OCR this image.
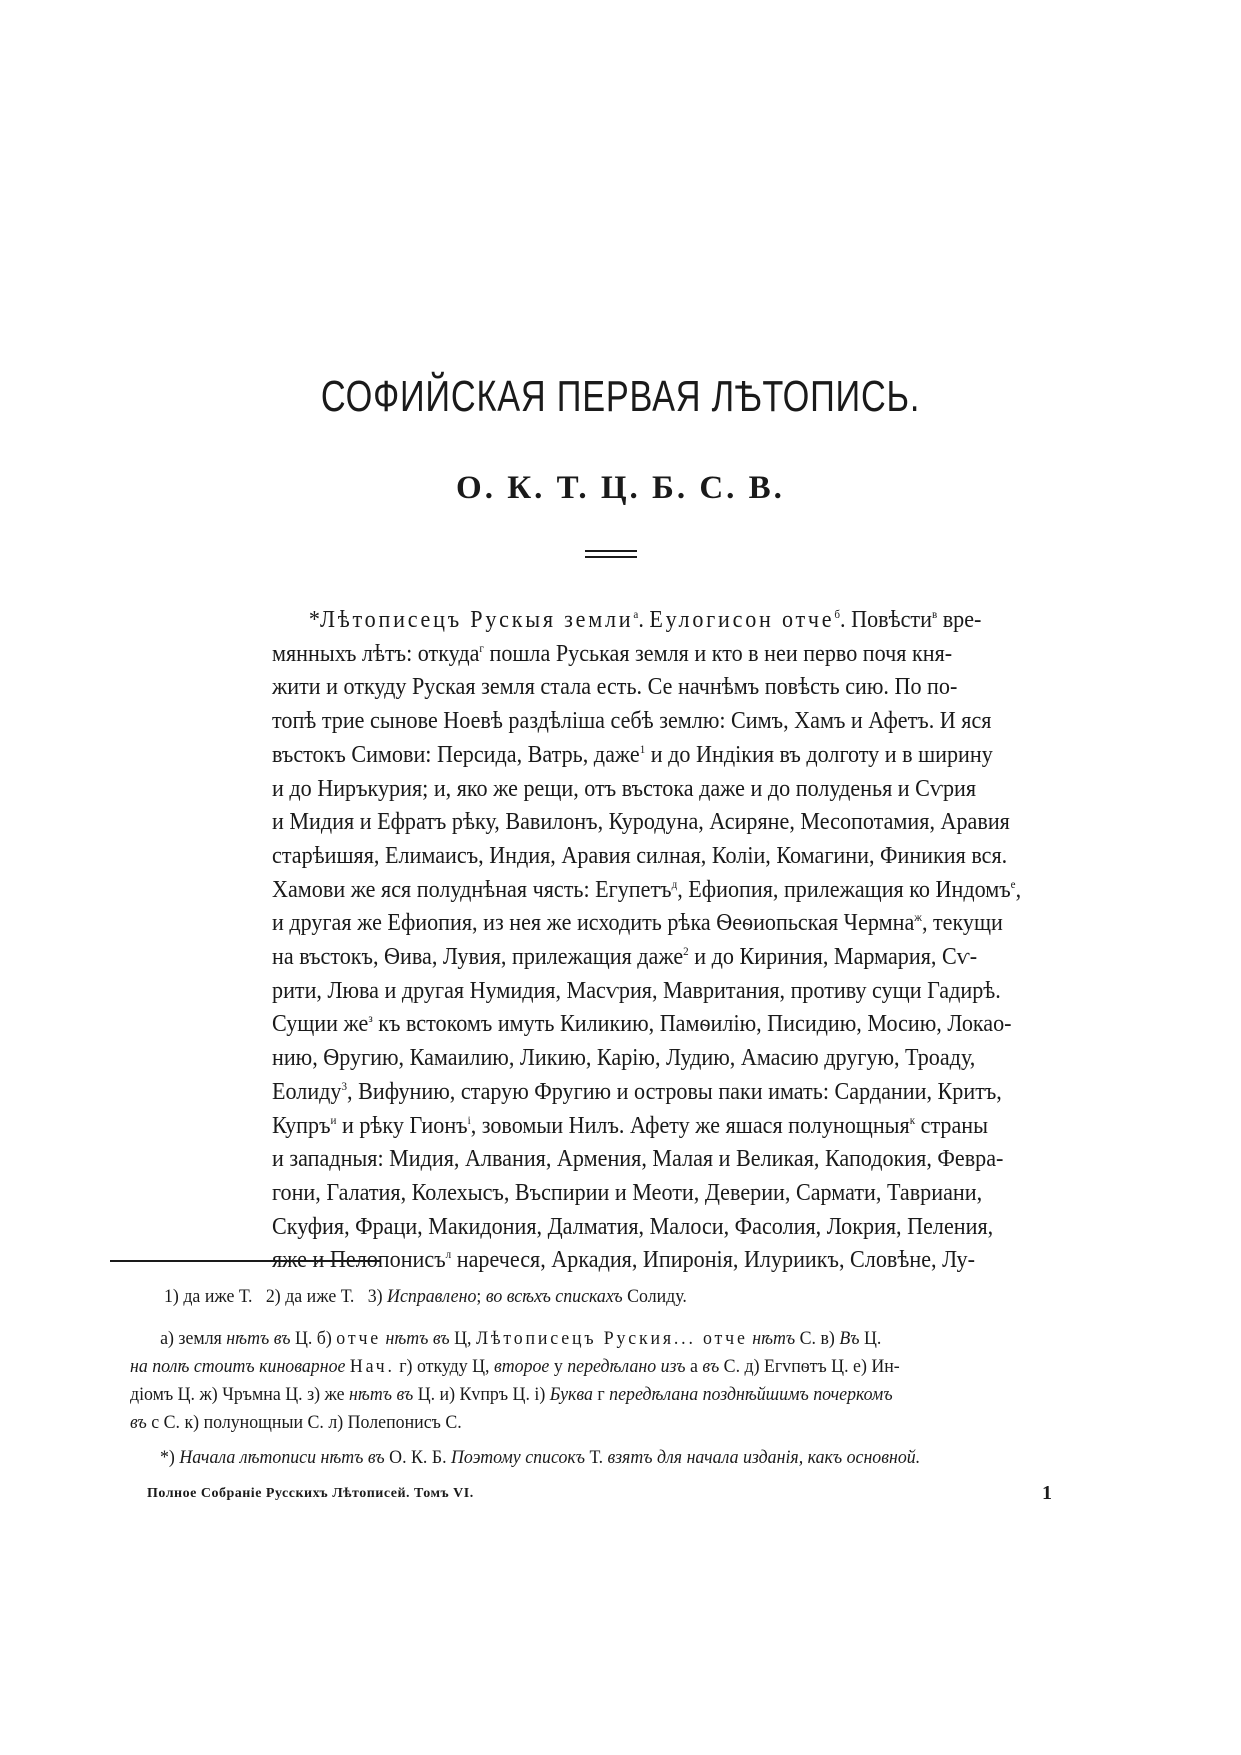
СОФИЙСКАЯ ПЕРВАЯ ЛѢТОПИСЬ.
О. К. Т. Ц. Б. С. В.
*Лѣтописецъ Рускыя земли$^а$. Еулогисон отче$^б$. Повѣсти$^в$ вре-
мянныхъ лѣтъ: откуда$^г$ пошла Руськая земля и кто в неи перво почя кня-
жити и откуду Руская земля стала есть. Се начнѣмъ повѣсть сию. По по-
топѣ трие сынове Ноевѣ раздѣлiша себѣ землю: Симъ, Хамъ и Афетъ. И яся
въстокъ Симови: Персида, Ватрь, даже$^1$ и до Индiкия въ долготу и в ширину
и до Ниръкурия; и, яко же рещи, отъ въстока даже и до полуденья и Сѵрия
и Мидия и Ефратъ рѣку, Вавилонъ, Куродуна, Асиряне, Месопотамия, Аравия
старѣишяя, Елимаисъ, Индия, Аравия силная, Колiи, Комагини, Финикия вся.
Хамови же яся полуднѣная чясть: Егупетъ$^д$, Ефиопия, прилежащия ко Индомъ$^е$,
и другая же Ефиопия, из нея же исходить рѣка Ѳеѳиопьская Чермна$^ж$, текущи
на въстокъ, Ѳива, Лувия, прилежащия даже$^2$ и до Кириния, Мармария, Сѵ-
рити, Люва и другая Нумидия, Масѵрия, Мавритания, противу сущи Гадирѣ.
Сущии $же^з$ къ встокомъ имуть Киликию, Памѳилiю, Писидию, Мосию, Локао-
нию, Ѳругию, Камаилию, Ликию, Карiю, Лудию, Амасию другую, Троаду,
Еолиду$^3$, Вифунию, старую Фругию и островы паки имать: Сардании, Критъ,
Купръ$^и$ и рѣку Гионъ$^i$, зовомыи Нилъ. Афету же яшася полунощныя$^к$ страны
и западныя: Мидия, Алвания, Армения, Малая и Великая, Каподокия, Феврa-
гони, Галатия, Колехысъ, Въспирии и Меоти, Деверии, Сармати, Тавриани,
Скуфия, Фраци, Макидония, Далматия, Малоси, Фасолия, Локрия, Пеления,
яже и Пелопонисъ$^л$ наречеся, Аркадия, Ипиронiя, Илуриикъ, Словѣне, Лу-
1) да иже Т. 2) да иже Т. 3) Исправлено; во всѣхъ спискахъ Солиду.
а) земля нѣтъ въ Ц. б) отче нѣтъ въ Ц, Лѣтописецъ Руския... отче нѣтъ С. в) Въ Ц.
на полѣ стоитъ киноварное Нач. г) откуду Ц, второе у передѣлано изъ а въ С. д) Егvпѳтъ Ц. е) Ин-
дiомъ Ц. ж) Чръмна Ц. з) же нѣтъ въ Ц. и) Кvпръ Ц. i) Буква г передѣлана позднѣйшимъ почеркомъ
въ с С. к) полунощныи С. л) Полепонисъ С.
*) Начала лѣтописи нѣтъ въ О. К. Б. Поэтому списокъ Т. взятъ для начала изданiя, какъ основной.
Полное Собранiе Русскихъ Лѣтописей. Томъ VI.	1
